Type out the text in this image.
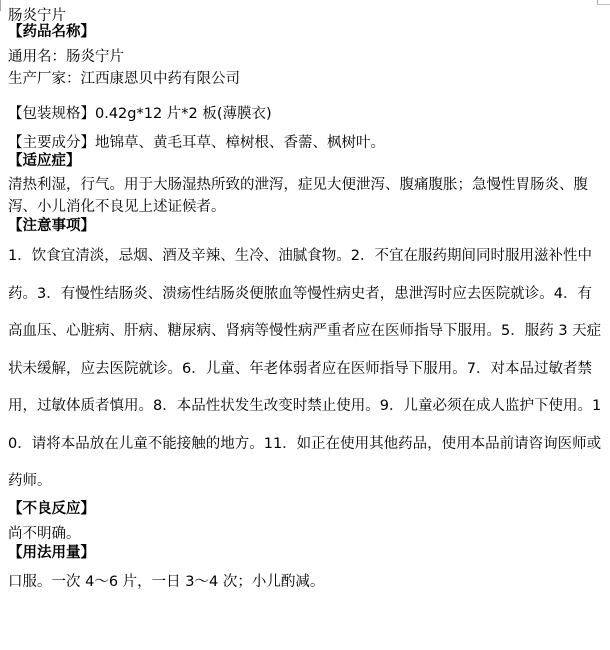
肠炎宁片
【药品名称】
通用名：肠炎宁片
生产厂家：江西康恩贝中药有限公司

【包装规格】0.42g*12 片*2 板(薄膜衣)

【主要成分】地锦草、黄毛耳草、樟树根、香薷、枫树叶。

【适应症】

清热利湿，行气。用于大肠湿热所致的泄泻，症见大便泄泻、腹痛腹胀；急慢性胃肠炎、腹泻、小儿消化不良见上述证候者。

【注意事项】

1．饮食宜清淡，忌烟、酒及辛辣、生冷、油腻食物。2．不宜在服药期间同时服用滋补性中药。3．有慢性结肠炎、溃疡性结肠炎便脓血等慢性病史者，患泄泻时应去医院就诊。4．有高血压、心脏病、肝病、糖尿病、肾病等慢性病严重者应在医师指导下服用。5．服药 3 天症状未缓解，应去医院就诊。6．儿童、年老体弱者应在医师指导下服用。7．对本品过敏者禁用，过敏体质者慎用。8．本品性状发生改变时禁止使用。9．儿童必须在成人监护下使用。10．请将本品放在儿童不能接触的地方。11．如正在使用其他药品，使用本品前请咨询医师或药师。

【不良反应】
尚不明确。
【用法用量】
口服。一次 4～6 片，一日 3～4 次；小儿酌减。
